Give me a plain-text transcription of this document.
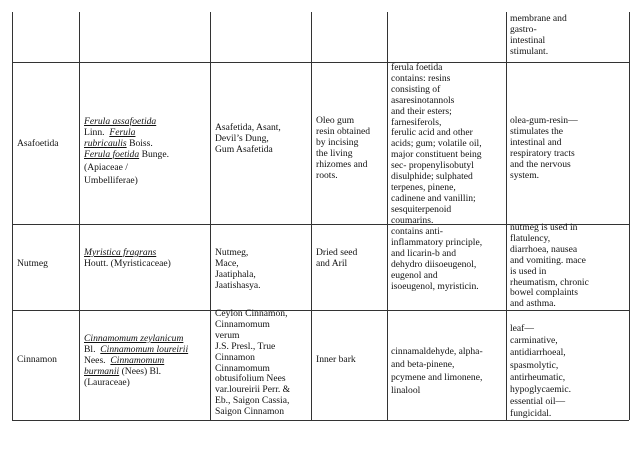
membrane and
gastro-
intestinal
stimulant.
Asafoetida
Ferula assafoetida
Linn. Ferula
rubricaulis Boiss.
Ferula foetida Bunge.
(Apiaceae /
Umbelliferae)
Asafetida, Asant,
Devil’s Dung,
Gum Asafetida
Oleo gum
resin obtained
by incising
the living
rhizomes and
roots.
ferula foetida
contains: resins
consisting of
asaresinotannols
and their esters;
farnesiferols,
ferulic acid and other
acids; gum; volatile oil,
major constituent being
sec- propenylisobutyl
disulphide; sulphated
terpenes, pinene,
cadinene and vanillin;
sesquiterpenoid
coumarins.
olea-gum-resin—
stimulates the
intestinal and
respiratory tracts
and the nervous
system.
Nutmeg
Myristica fragrans
Houtt. (Myristicaceae)
Nutmeg,
Mace,
Jaatiphala,
Jaatishasya.
Dried seed
and Aril
contains anti-
inflammatory principle,
and licarin-b and
dehydro diisoeugenol,
eugenol and
isoeugenol, myristicin.
nutmeg is used in
flatulency,
diarrhoea, nausea
and vomiting. mace
is used in
rheumatism, chronic
bowel complaints
and asthma.
Cinnamon
Cinnamomum zeylanicum
Bl. Cinnamomum loureirii
Nees. Cinnamomum
burmanii (Nees) Bl.
(Lauraceae)
Ceylon Cinnamon,
Cinnamomum
verum
J.S. Presl., True
Cinnamon
Cinnamomum
obtusifolium Nees
var.loureirii Perr. &
Eb., Saigon Cassia,
Saigon Cinnamon
Inner bark
cinnamaldehyde, alpha-
and beta-pinene,
pcymene and limonene,
linalool
leaf—
carminative,
antidiarrhoeal,
spasmolytic,
antirheumatic,
hypoglycaemic.
essential oil—
fungicidal.
